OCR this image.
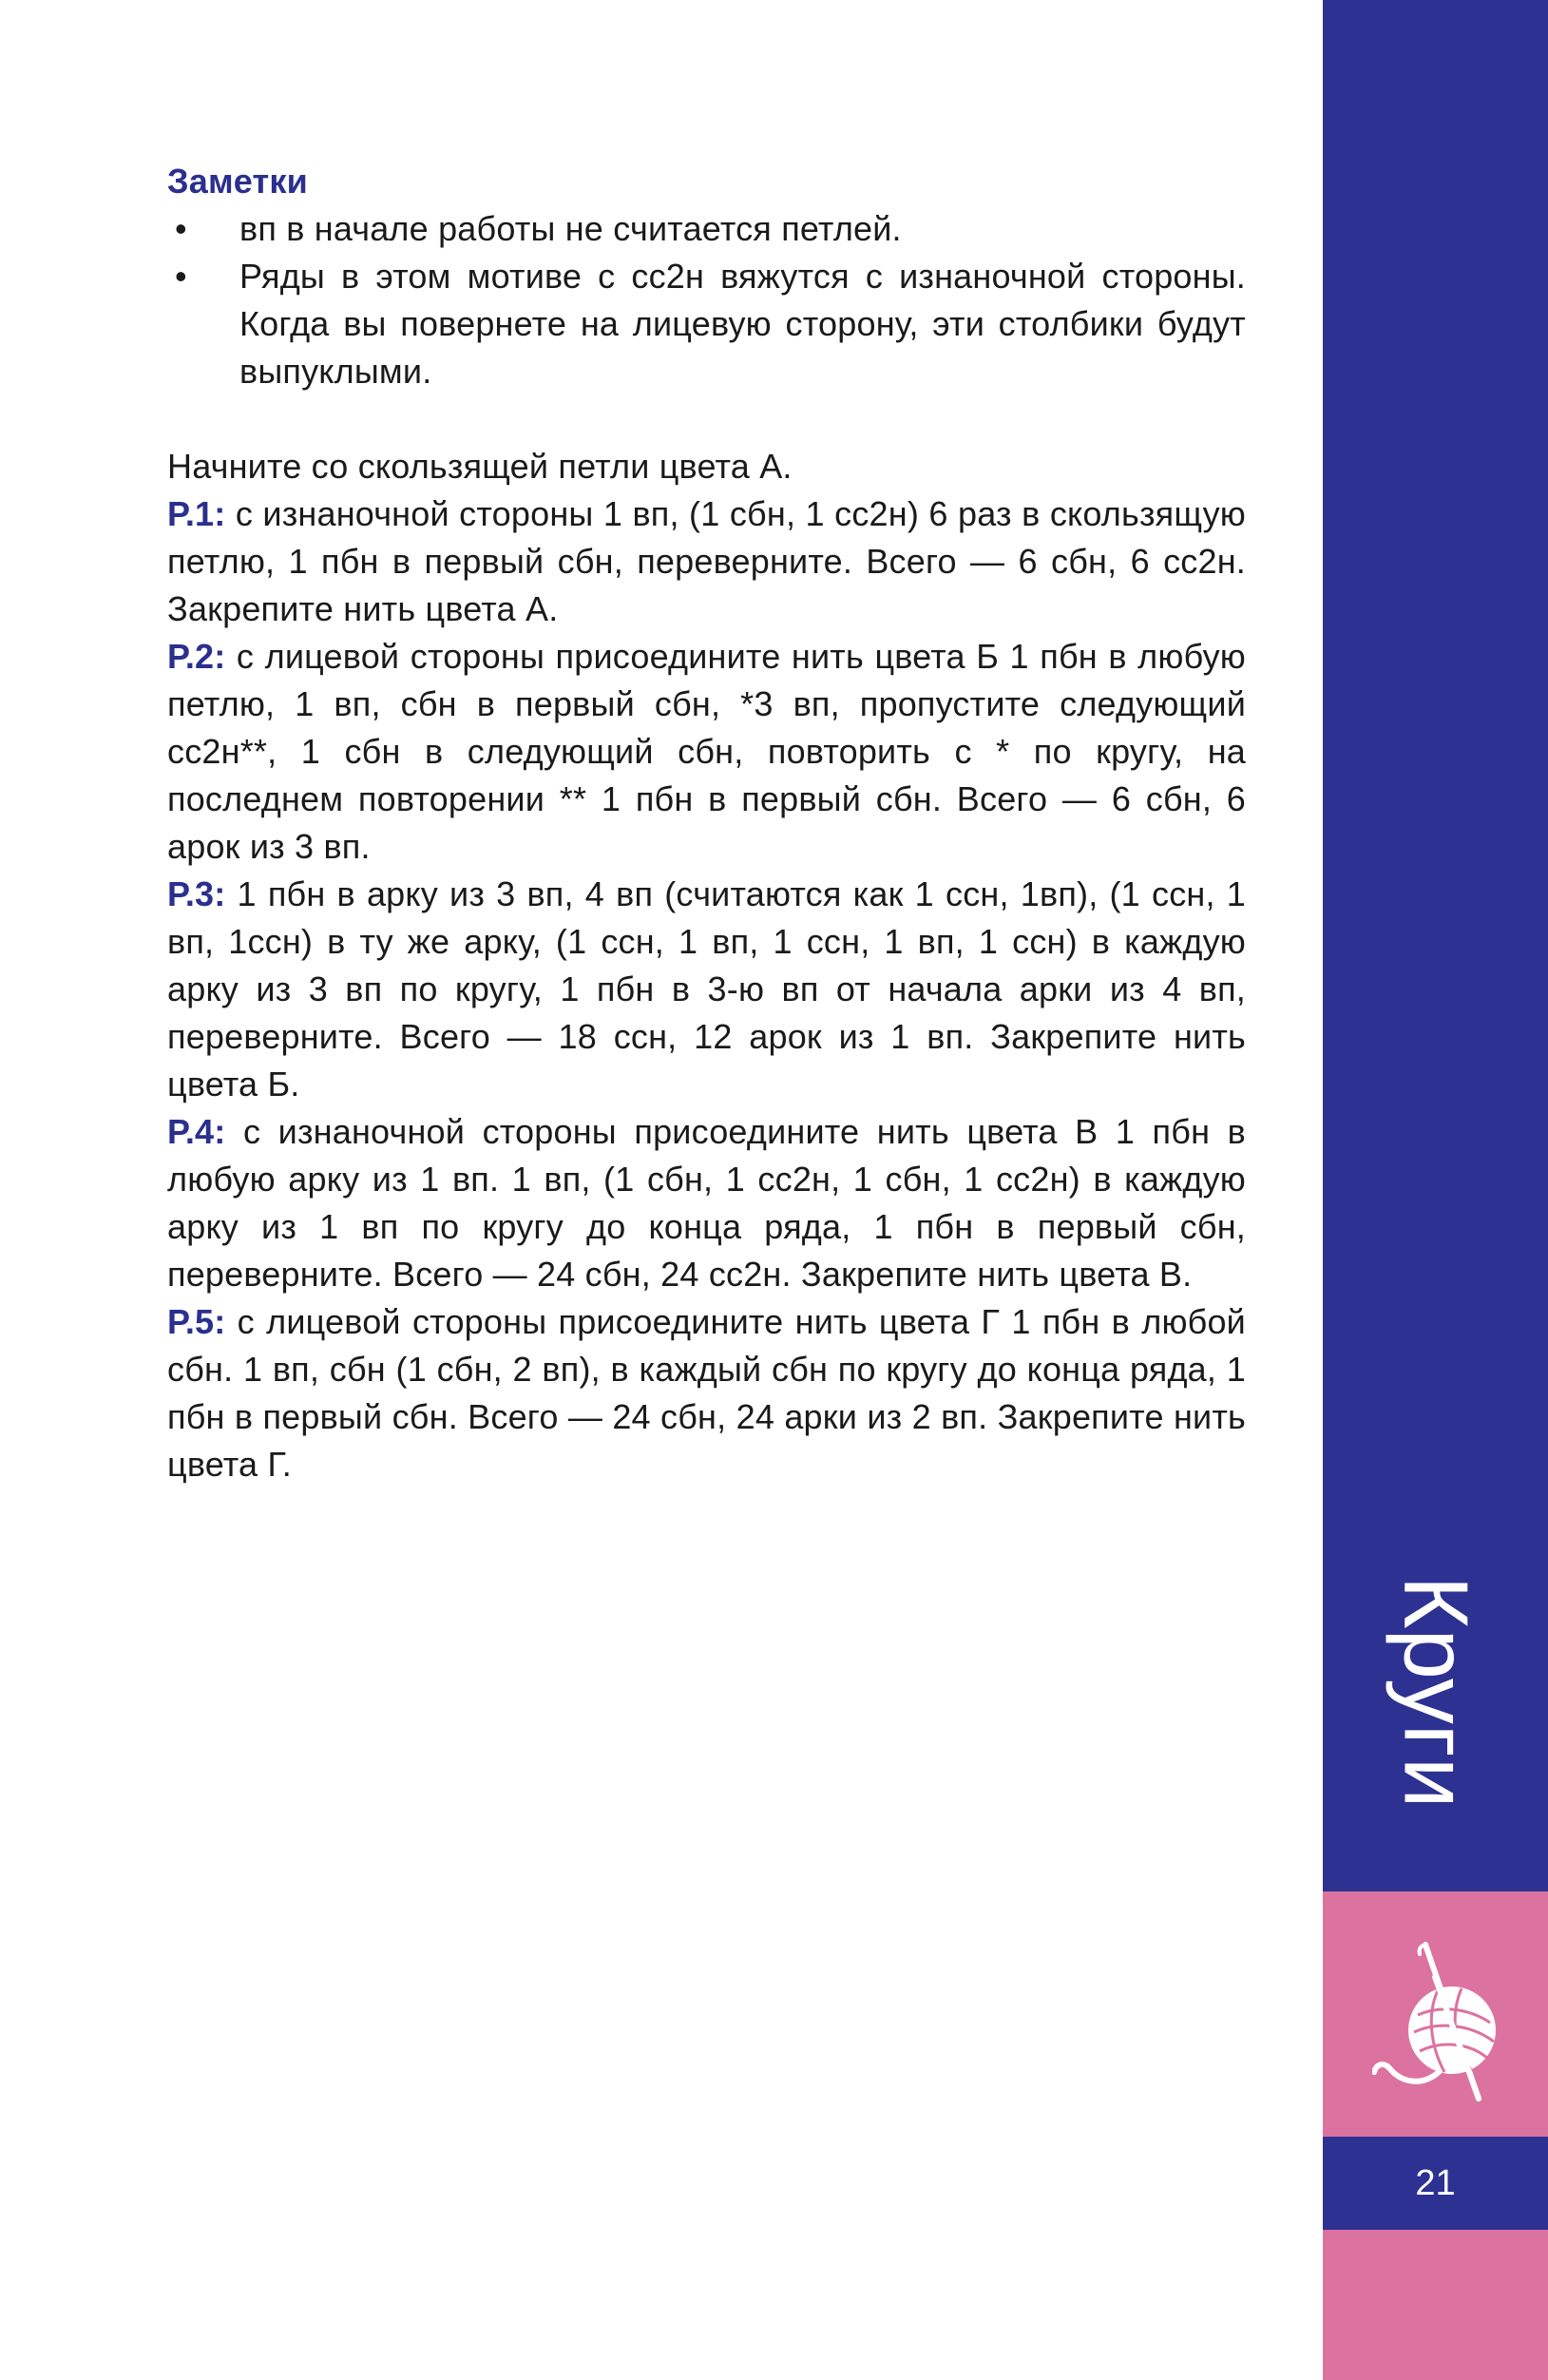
Заметки
• вп в начале работы не считается петлей.
• Ряды в этом мотиве с сс2н вяжутся с изнаночной стороны. Когда вы повернете на лицевую сторону, эти столбики будут выпуклыми.

Начните со скользящей петли цвета А.

Р.1: с изнаночной стороны 1 вп, (1 сбн, 1 сс2н) 6 раз в скользящую петлю, 1 пбн в первый сбн, переверните. Всего — 6 сбн, 6 сс2н. Закрепите нить цвета А.

Р.2: с лицевой стороны присоедините нить цвета Б 1 пбн в любую петлю, 1 вп, сбн в первый сбн, *3 вп, пропустите следующий сс2н**, 1 сбн в следующий сбн, повторить с * по кругу, на последнем повторении ** 1 пбн в первый сбн. Всего — 6 сбн, 6 арок из 3 вп.

Р.3: 1 пбн в арку из 3 вп, 4 вп (считаются как 1 ссн, 1вп), (1 ссн, 1 вп, 1ссн) в ту же арку, (1 ссн, 1 вп, 1 ссн, 1 вп, 1 ссн) в каждую арку из 3 вп по кругу, 1 пбн в 3-ю вп от начала арки из 4 вп, переверните. Всего — 18 ссн, 12 арок из 1 вп. Закрепите нить цвета Б.

Р.4: с изнаночной стороны присоедините нить цвета В 1 пбн в любую арку из 1 вп. 1 вп, (1 сбн, 1 сс2н, 1 сбн, 1 сс2н) в каждую арку из 1 вп по кругу до конца ряда, 1 пбн в первый сбн, переверните. Всего — 24 сбн, 24 сс2н. Закрепите нить цвета В.

Р.5: с лицевой стороны присоедините нить цвета Г 1 пбн в любой сбн. 1 вп, сбн (1 сбн, 2 вп), в каждый сбн по кругу до конца ряда, 1 пбн в первый сбн. Всего — 24 сбн, 24 арки из 2 вп. Закрепите нить цвета Г.

Круги
21
